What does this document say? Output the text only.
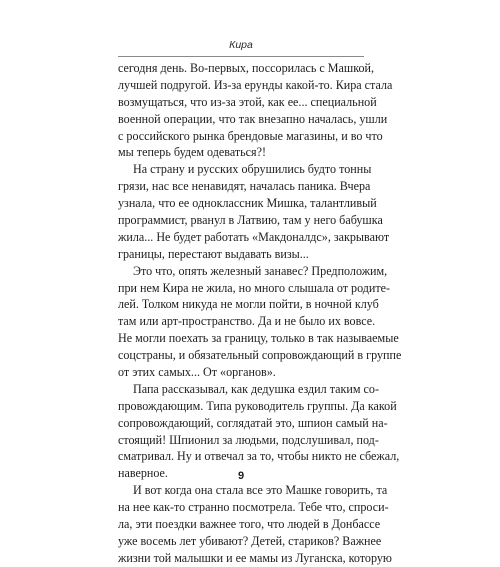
Кира
сегодня день. Во-первых, поссорилась с Машкой,
лучшей подругой. Из-за ерунды какой-то. Кира стала
возмущаться, что из-за этой, как ее... специальной
военной операции, что так внезапно началась, ушли
с российского рынка брендовые магазины, и во что
мы теперь будем одеваться?!
На страну и русских обрушились будто тонны
грязи, нас все ненавидят, началась паника. Вчера
узнала, что ее одноклассник Мишка, талантливый
программист, рванул в Латвию, там у него бабушка
жила... Не будет работать «Макдоналдс», закрывают
границы, перестают выдавать визы...
Это что, опять железный занавес? Предположим,
при нем Кира не жила, но много слышала от родите-
лей. Толком никуда не могли пойти, в ночной клуб
там или арт-пространство. Да и не было их вовсе.
Не могли поехать за границу, только в так называемые
соцстраны, и обязательный сопровождающий в группе
от этих самых... От «органов».
Папа рассказывал, как дедушка ездил таким со-
провождающим. Типа руководитель группы. Да какой
сопровождающий, соглядатай это, шпион самый на-
стоящий! Шпионил за людьми, подслушивал, под-
сматривал. Ну и отвечал за то, чтобы никто не сбежал,
наверное.
И вот когда она стала все это Машке говорить, та
на нее как-то странно посмотрела. Тебе что, спроси-
ла, эти поездки важнее того, что людей в Донбассе
уже восемь лет убивают? Детей, стариков? Важнее
жизни той малышки и ее мамы из Луганска, которую
9
